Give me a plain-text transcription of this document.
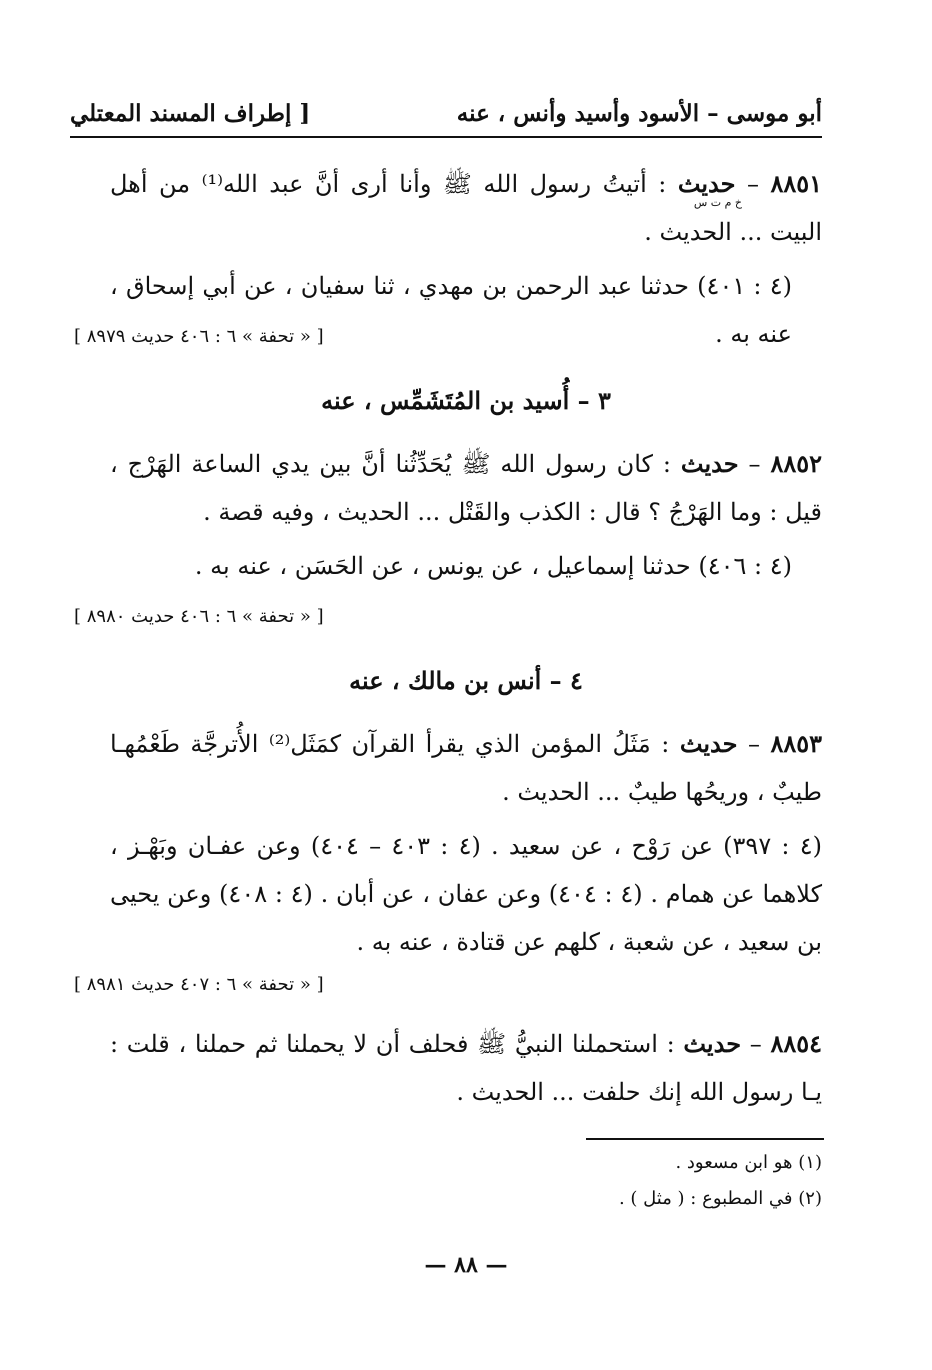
أبو موسى – الأسود وأسيد وأنس ، عنه
[ إطراف المسند المعتلي
٨٨٥١ – حديث : أتيتُ رسول الله ﷺ وأنا أرى أنَّ عبد الله⁽¹⁾ من أهل البيت ... الحديث .
خ م ت س
(٤ : ٤٠١) حدثنا عبد الرحمن بن مهدي ، ثنا سفيان ، عن أبي إسحاق ، عنه به .
[ « تحفة » ٦ : ٤٠٦ حديث ٨٩٧٩ ]
٣ – أُسيد بن المُتَشَمِّس ، عنه
٨٨٥٢ – حديث : كان رسول الله ﷺ يُحَدِّثُنا أنَّ بين يدي الساعة الهَرْج ، قيل : وما الهَرْجُ ؟ قال : الكذب والقَتْل ... الحديث ، وفيه قصة .
(٤ : ٤٠٦) حدثنا إسماعيل ، عن يونس ، عن الحَسَن ، عنه به .
[ « تحفة » ٦ : ٤٠٦ حديث ٨٩٨٠ ]
٤ – أنس بن مالك ، عنه
٨٨٥٣ – حديث : مَثَلُ المؤمن الذي يقرأ القرآن كمَثَل⁽²⁾ الأُترجَّة طَعْمُهـا طيبٌ ، وريحُها طيبٌ ... الحديث .
(٤ : ٣٩٧) عن رَوْح ، عن سعيد . (٤ : ٤٠٣ – ٤٠٤) وعن عفـان وبَهْـز ، كلاهما عن همام . (٤ : ٤٠٤) وعن عفان ، عن أبان . (٤ : ٤٠٨) وعن يحيى بن سعيد ، عن شعبة ، كلهم عن قتادة ، عنه به .
[ « تحفة » ٦ : ٤٠٧ حديث ٨٩٨١ ]
٨٨٥٤ – حديث : استحملنا النبيُّ ﷺ فحلف أن لا يحملنا ثم حملنا ، قلت : يـا رسول الله إنك حلفت ... الحديث .
(١) هو ابن مسعود .
(٢) في المطبوع : ( مثل ) .
— ٨٨ —
